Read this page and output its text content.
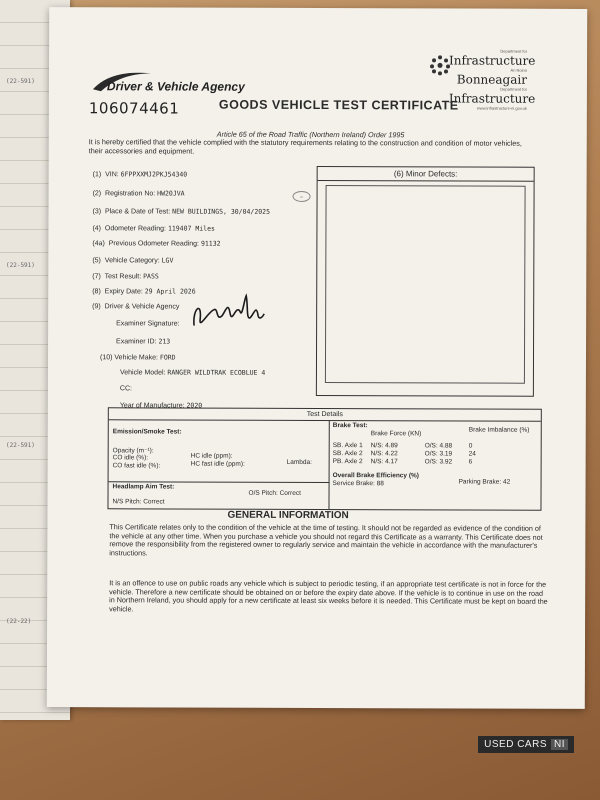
(22-591)
(22-591)
(22-591)
(22-22)
Driver & Vehicle Agency
Department for
Infrastructure
An Roinn
Bonneagair
Department for
Infrastructure
www.infrastructure-ni.gov.uk
106074461	GOODS VEHICLE TEST CERTIFICATE
Article 65 of the Road Traffic (Northern Ireland) Order 1995
It is hereby certified that the vehicle complied with the statutory requirements relating to the construction and condition of motor vehicles, their accessories and equipment.
(1) VIN: 6FPPXXMJ2PKJ54340
(2) Registration No: HW20JVA	o
(3) Place & Date of Test: NEW BUILDINGS, 30/04/2025
(4) Odometer Reading: 119407 Miles
(4a) Previous Odometer Reading: 91132
(5) Vehicle Category: LGV
(7) Test Result: PASS
(8) Expiry Date: 29 April 2026
(9) Driver & Vehicle Agency
Examiner Signature:
Examiner ID: 213
(10) Vehicle Make: FORD
Vehicle Model: RANGER WILDTRAK ECOBLUE 4
CC:
Year of Manufacture: 2020
(6) Minor Defects:
Test Details
Emission/Smoke Test:
Opacity (m⁻¹):
CO idle (%):
CO fast idle (%):
HC idle (ppm):
HC fast idle (ppm):	Lambda:
Headlamp Aim Test:
N/S Pitch: Correct
O/S Pitch: Correct
Brake Test:
Brake Force (KN)
Brake Imbalance (%)
SB. Axle 1 N/S: 4.89	O/S: 4.88	0
SB. Axle 2 N/S: 4.22	O/S: 3.19	24
PB. Axle 2 N/S: 4.17	O/S: 3.92	6
Overall Brake Efficiency (%)
Service Brake: 88	Parking Brake: 42
GENERAL INFORMATION
This Certificate relates only to the condition of the vehicle at the time of testing. It should not be regarded as evidence of the condition of the vehicle at any other time. When you purchase a vehicle you should not regard this Certificate as a warranty. This Certificate does not remove the responsibility from the registered owner to regularly service and maintain the vehicle in accordance with the manufacturer's instructions.
It is an offence to use on public roads any vehicle which is subject to periodic testing, if an appropriate test certificate is not in force for the vehicle. Therefore a new certificate should be obtained on or before the expiry date above. If the vehicle is to continue in use on the road in Northern Ireland, you should apply for a new certificate at least six weeks before it is needed. This Certificate must be kept on board the vehicle.
USED CARS NI
